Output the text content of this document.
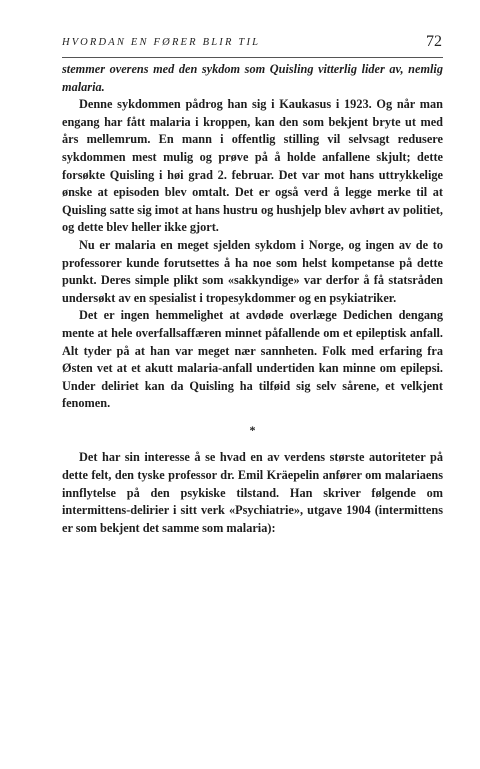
HVORDAN EN FØRER BLIR TIL	72

stemmer overens med den sykdom som Quisling vitterlig lider av, nemlig malaria.

Denne sykdommen pådrog han sig i Kaukasus i 1923. Og når man engang har fått malaria i kroppen, kan den som bekjent bryte ut med års mellemrum. En mann i offentlig stilling vil selvsagt redusere sykdommen mest mulig og prøve på å holde anfallene skjult; dette forsøkte Quisling i høi grad 2. februar. Det var mot hans uttrykkelige ønske at episoden blev omtalt. Det er også verd å legge merke til at Quisling satte sig imot at hans hustru og hushjelp blev avhørt av politiet, og dette blev heller ikke gjort.

Nu er malaria en meget sjelden sykdom i Norge, og ingen av de to professorer kunde forutsettes å ha noe som helst kompetanse på dette punkt. Deres simple plikt som «sakkyndige» var derfor å få statsråden undersøkt av en spesialist i tropesykdommer og en psykiatriker.

Det er ingen hemmelighet at avdøde overlæge Dedichen dengang mente at hele overfallsaffæren minnet påfallende om et epileptisk anfall. Alt tyder på at han var meget nær sannheten. Folk med erfaring fra Østen vet at et akutt malaria-anfall undertiden kan minne om epilepsi. Under deliriet kan da Quisling ha tilføid sig selv sårene, et velkjent fenomen.

*

Det har sin interesse å se hvad en av verdens største autoriteter på dette felt, den tyske professor dr. Emil Kräepelin anfører om malariaens innflytelse på den psykiske tilstand. Han skriver følgende om intermittens-delirier i sitt verk «Psychiatrie», utgave 1904 (intermittens er som bekjent det samme som malaria):
